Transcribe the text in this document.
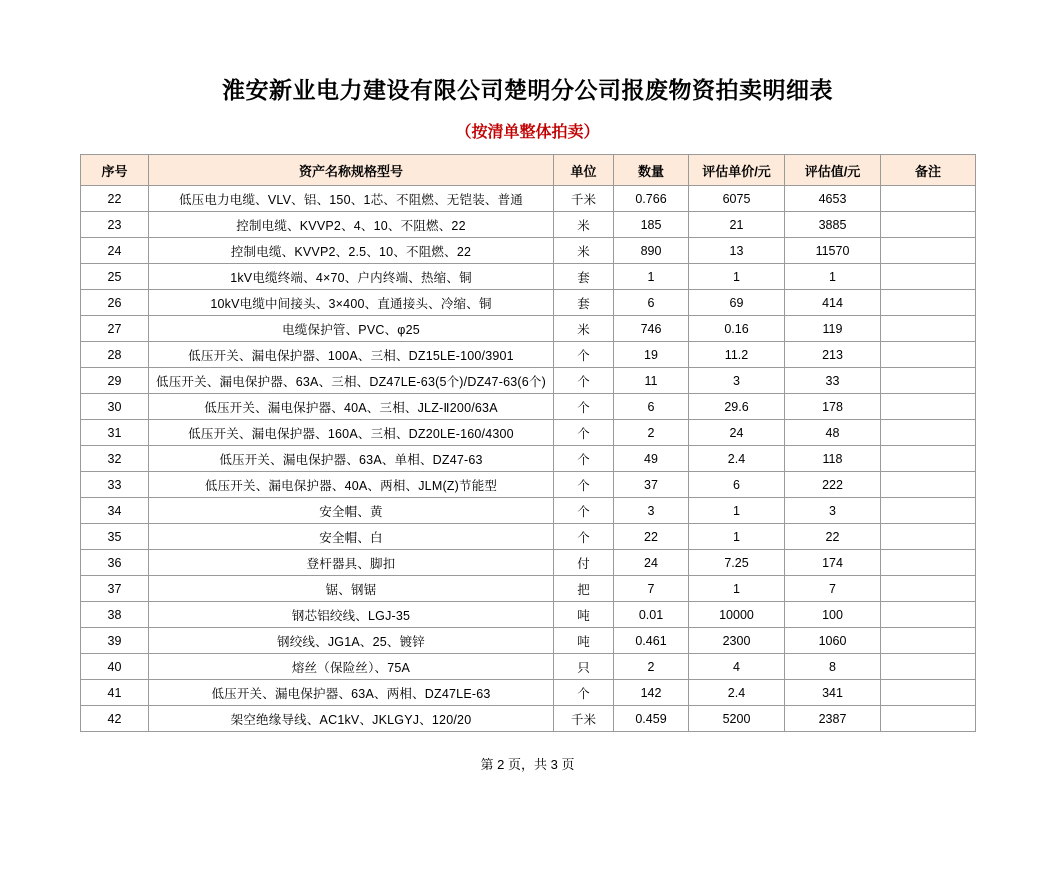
淮安新业电力建设有限公司楚明分公司报废物资拍卖明细表
（按清单整体拍卖）
序号	资产名称规格型号	单位	数量	评估单价/元	评估值/元	备注
22	低压电力电缆、VLV、铝、150、1芯、不阻燃、无铠装、普通	千米	0.766	6075	4653	
23	控制电缆、KVVP2、4、10、不阻燃、22	米	185	21	3885	
24	控制电缆、KVVP2、2.5、10、不阻燃、22	米	890	13	11570	
25	1kV电缆终端、4×70、户内终端、热缩、铜	套	1	1	1	
26	10kV电缆中间接头、3×400、直通接头、冷缩、铜	套	6	69	414	
27	电缆保护管、PVC、φ25	米	746	0.16	119	
28	低压开关、漏电保护器、100A、三相、DZ15LE-100/3901	个	19	11.2	213	
29	低压开关、漏电保护器、63A、三相、DZ47LE-63(5个)/DZ47-63(6个)	个	11	3	33	
30	低压开关、漏电保护器、40A、三相、JLZ-Ⅱ200/63A	个	6	29.6	178	
31	低压开关、漏电保护器、160A、三相、DZ20LE-160/4300	个	2	24	48	
32	低压开关、漏电保护器、63A、单相、DZ47-63	个	49	2.4	118	
33	低压开关、漏电保护器、40A、两相、JLM(Z)节能型	个	37	6	222	
34	安全帽、黄	个	3	1	3	
35	安全帽、白	个	22	1	22	
36	登杆器具、脚扣	付	24	7.25	174	
37	锯、钢锯	把	7	1	7	
38	钢芯铝绞线、LGJ-35	吨	0.01	10000	100	
39	钢绞线、JG1A、25、镀锌	吨	0.461	2300	1060	
40	熔丝（保险丝）、75A	只	2	4	8	
41	低压开关、漏电保护器、63A、两相、DZ47LE-63	个	142	2.4	341	
42	架空绝缘导线、AC1kV、JKLGYJ、120/20	千米	0.459	5200	2387	
第 2 页，共 3 页
